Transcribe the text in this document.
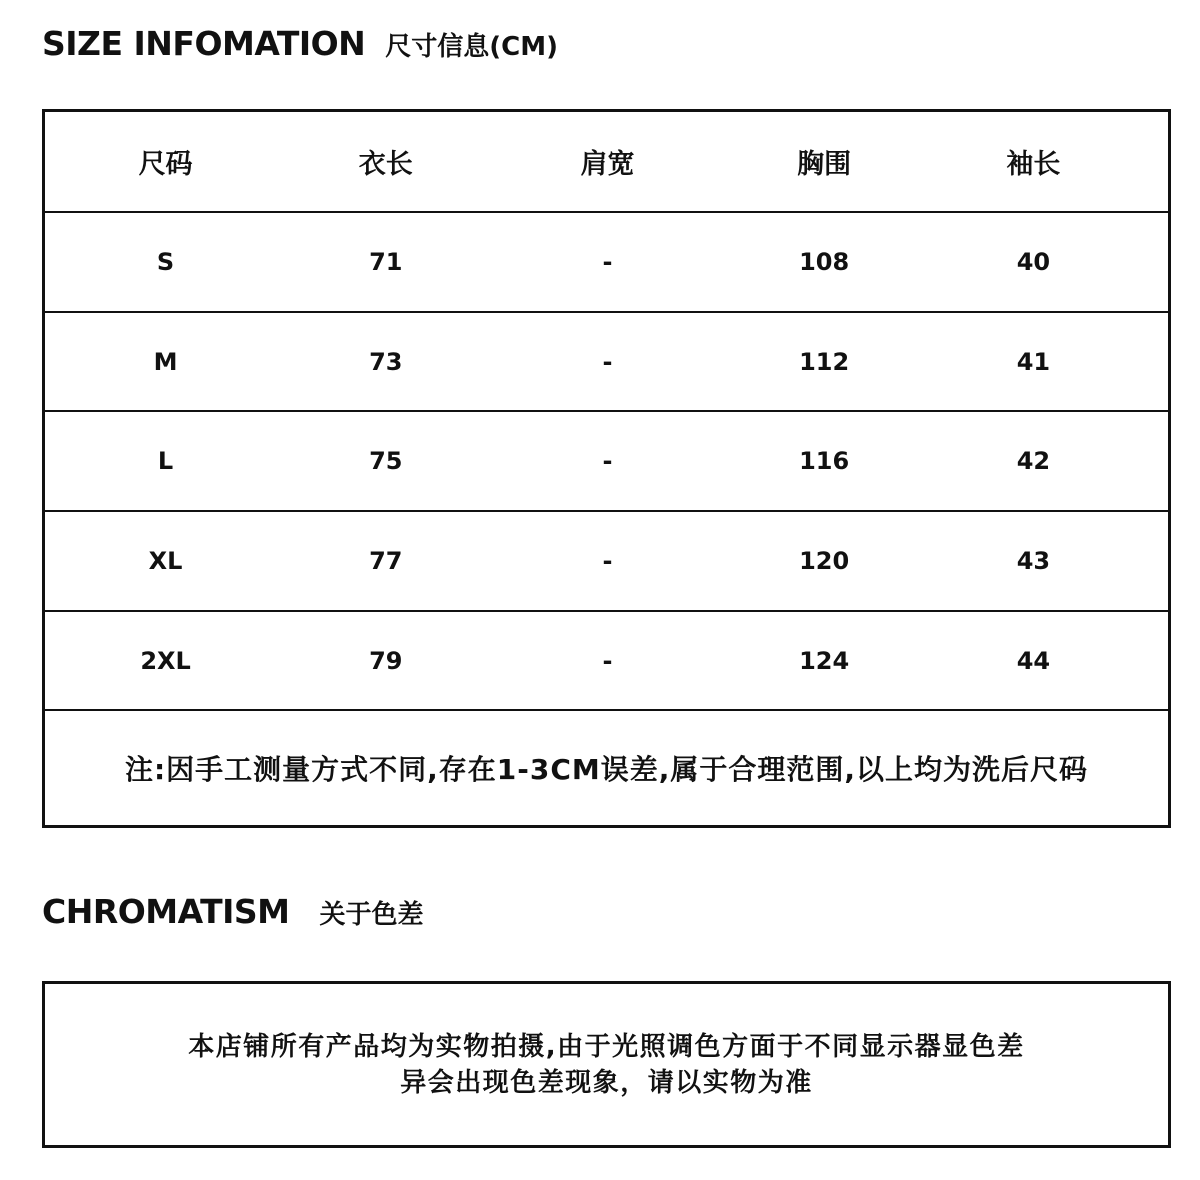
SIZE INFOMATION 尺寸信息(CM)
尺码	衣长	肩宽	胸围	袖长
S	71	-	108	40
M	73	-	112	41
L	75	-	116	42
XL	77	-	120	43
2XL	79	-	124	44
注:因手工测量方式不同,存在1-3CM误差,属于合理范围,以上均为洗后尺码
CHROMATISM 关于色差
本店铺所有产品均为实物拍摄,由于光照调色方面于不同显示器显色差
异会出现色差现象，请以实物为准
